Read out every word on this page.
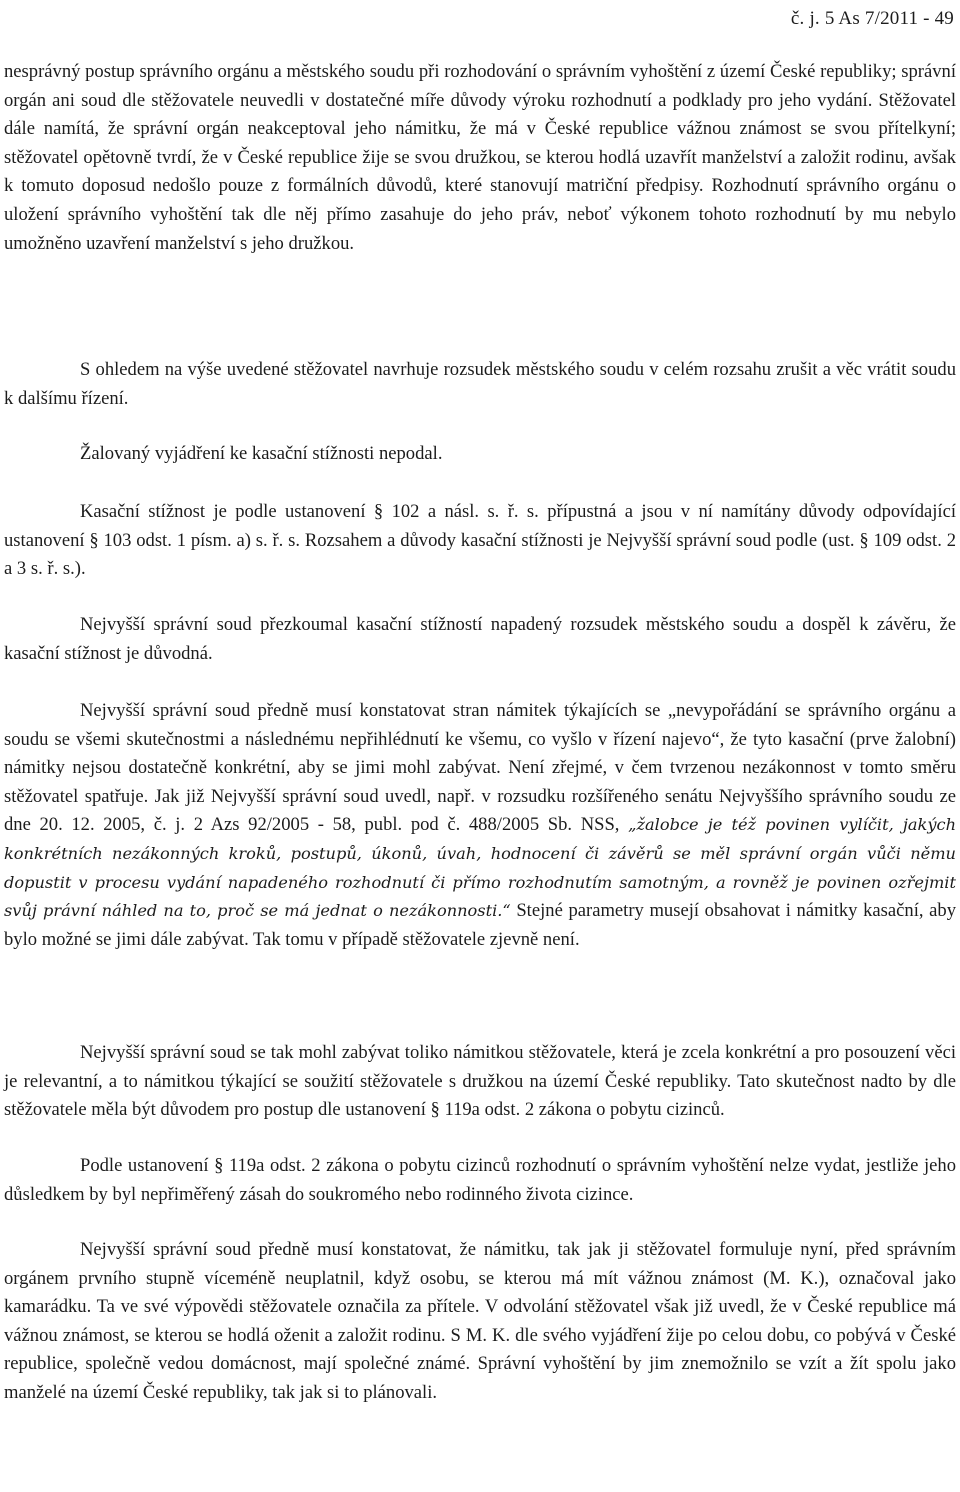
č. j. 5 As 7/2011 - 49

nesprávný postup správního orgánu a městského soudu při rozhodování o správním vyhoštění z území České republiky; správní orgán ani soud dle stěžovatele neuvedli v dostatečné míře důvody výroku rozhodnutí a podklady pro jeho vydání. Stěžovatel dále namítá, že správní orgán neakceptoval jeho námitku, že má v České republice vážnou známost se svou přítelkyní; stěžovatel opětovně tvrdí, že v České republice žije se svou družkou, se kterou hodlá uzavřít manželství a založit rodinu, avšak k tomuto doposud nedošlo pouze z formálních důvodů, které stanovují matriční předpisy. Rozhodnutí správního orgánu o uložení správního vyhoštění tak dle něj přímo zasahuje do jeho práv, neboť výkonem tohoto rozhodnutí by mu nebylo umožněno uzavření manželství s jeho družkou.

S ohledem na výše uvedené stěžovatel navrhuje rozsudek městského soudu v celém rozsahu zrušit a věc vrátit soudu k dalšímu řízení.

Žalovaný vyjádření ke kasační stížnosti nepodal.

Kasační stížnost je podle ustanovení § 102 a násl. s. ř. s. přípustná a jsou v ní namítány důvody odpovídající ustanovení § 103 odst. 1 písm. a) s. ř. s. Rozsahem a důvody kasační stížnosti je Nejvyšší správní soud podle (ust. § 109 odst. 2 a 3 s. ř. s.).

Nejvyšší správní soud přezkoumal kasační stížností napadený rozsudek městského soudu a dospěl k závěru, že kasační stížnost je důvodná.

Nejvyšší správní soud předně musí konstatovat stran námitek týkajících se „nevypořádání se správního orgánu a soudu se všemi skutečnostmi a následnému nepřihlédnutí ke všemu, co vyšlo v řízení najevo“, že tyto kasační (prve žalobní) námitky nejsou dostatečně konkrétní, aby se jimi mohl zabývat. Není zřejmé, v čem tvrzenou nezákonnost v tomto směru stěžovatel spatřuje. Jak již Nejvyšší správní soud uvedl, např. v rozsudku rozšířeného senátu Nejvyššího správního soudu ze dne 20. 12. 2005, č. j. 2 Azs 92/2005 - 58, publ. pod č. 488/2005 Sb. NSS, „žalobce je též povinen vylíčit, jakých konkrétních nezákonných kroků, postupů, úkonů, úvah, hodnocení či závěrů se měl správní orgán vůči němu dopustit v procesu vydání napadeného rozhodnutí či přímo rozhodnutím samotným, a rovněž je povinen ozřejmit svůj právní náhled na to, proč se má jednat o nezákonnosti.“ Stejné parametry musejí obsahovat i námitky kasační, aby bylo možné se jimi dále zabývat. Tak tomu v případě stěžovatele zjevně není.

Nejvyšší správní soud se tak mohl zabývat toliko námitkou stěžovatele, která je zcela konkrétní a pro posouzení věci je relevantní, a to námitkou týkající se soužití stěžovatele s družkou na území České republiky. Tato skutečnost nadto by dle stěžovatele měla být důvodem pro postup dle ustanovení § 119a odst. 2 zákona o pobytu cizinců.

Podle ustanovení § 119a odst. 2 zákona o pobytu cizinců rozhodnutí o správním vyhoštění nelze vydat, jestliže jeho důsledkem by byl nepřiměřený zásah do soukromého nebo rodinného života cizince.

Nejvyšší správní soud předně musí konstatovat, že námitku, tak jak ji stěžovatel formuluje nyní, před správním orgánem prvního stupně víceméně neuplatnil, když osobu, se kterou má mít vážnou známost (M. K.), označoval jako kamarádku. Ta ve své výpovědi stěžovatele označila za přítele. V odvolání stěžovatel však již uvedl, že v České republice má vážnou známost, se kterou se hodlá oženit a založit rodinu. S M. K. dle svého vyjádření žije po celou dobu, co pobývá v České republice, společně vedou domácnost, mají společné známé. Správní vyhoštění by jim znemožnilo se vzít a žít spolu jako manželé na území České republiky, tak jak si to plánovali.
